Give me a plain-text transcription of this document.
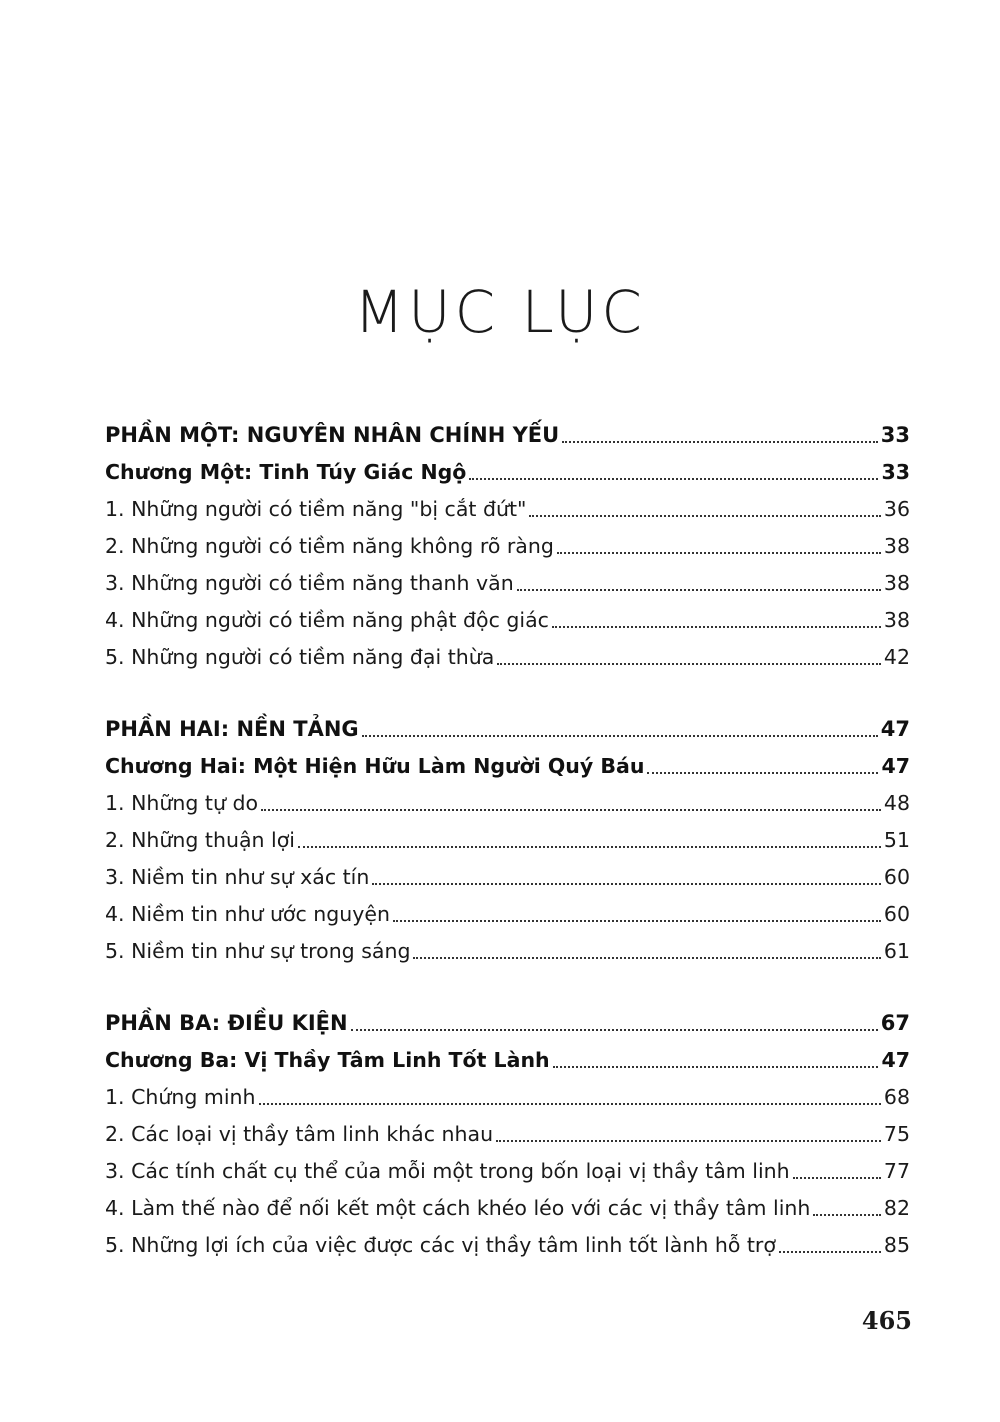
MỤC LỤC
PHẦN MỘT: NGUYÊN NHÂN CHÍNH YẾU	33
Chương Một: Tinh Túy Giác Ngộ	33
1. Những người có tiềm năng "bị cắt đứt"	36
2. Những người có tiềm năng không rõ ràng	38
3. Những người có tiềm năng thanh văn	38
4. Những người có tiềm năng phật độc giác	38
5. Những người có tiềm năng đại thừa	42
PHẦN HAI: NỀN TẢNG	47
Chương Hai: Một Hiện Hữu Làm Người Quý Báu	47
1. Những tự do	48
2. Những thuận lợi	51
3. Niềm tin như sự xác tín	60
4. Niềm tin như ước nguyện	60
5. Niềm tin như sự trong sáng	61
PHẦN BA: ĐIỀU KIỆN	67
Chương Ba: Vị Thầy Tâm Linh Tốt Lành	47
1. Chứng minh	68
2. Các loại vị thầy tâm linh khác nhau	75
3. Các tính chất cụ thể của mỗi một trong bốn loại vị thầy tâm linh	77
4. Làm thế nào để nối kết một cách khéo léo với các vị thầy tâm linh	82
5. Những lợi ích của việc được các vị thầy tâm linh tốt lành hỗ trợ	85
465
